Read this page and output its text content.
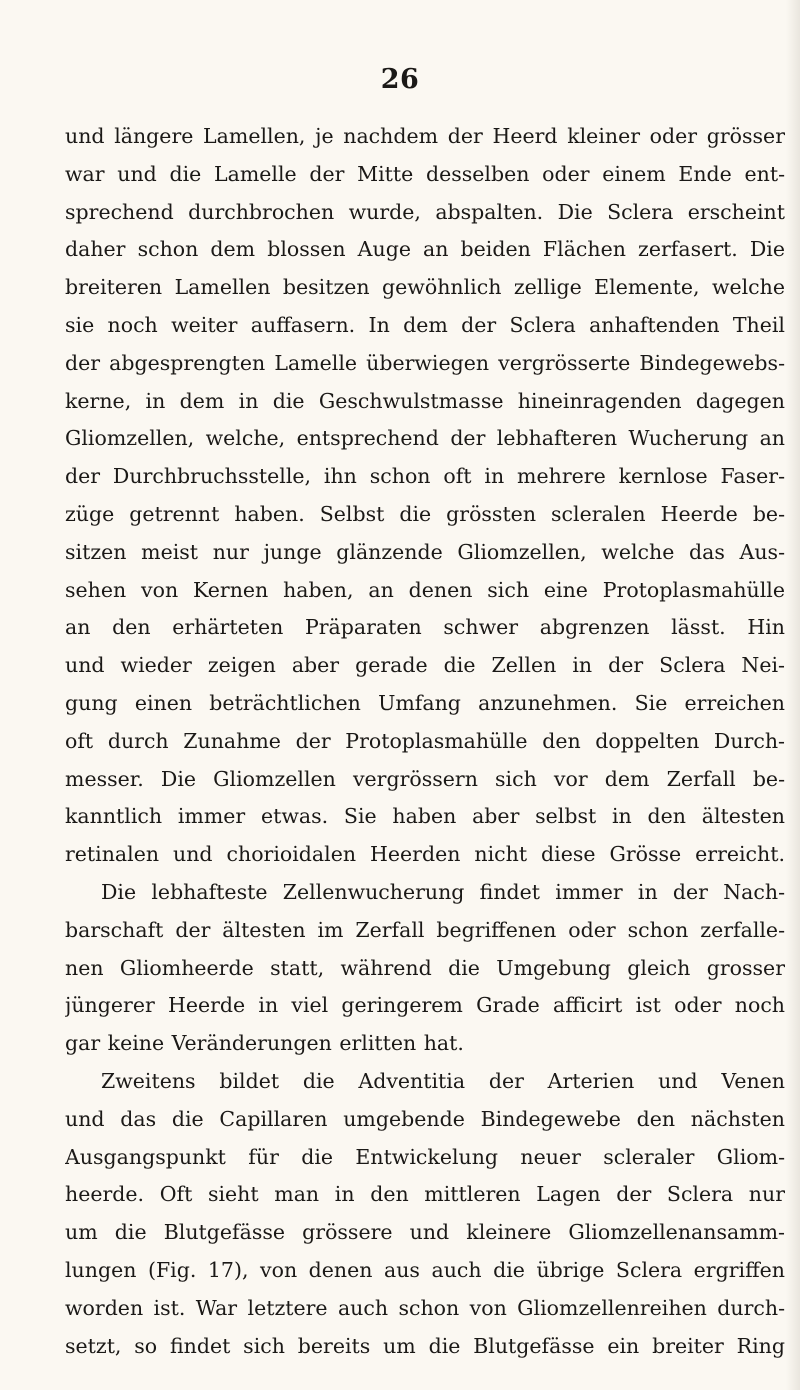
26
und längere Lamellen, je nachdem der Heerd kleiner oder grösser
war und die Lamelle der Mitte desselben oder einem Ende ent-
sprechend durchbrochen wurde, abspalten. Die Sclera erscheint
daher schon dem blossen Auge an beiden Flächen zerfasert. Die
breiteren Lamellen besitzen gewöhnlich zellige Elemente, welche
sie noch weiter auffasern. In dem der Sclera anhaftenden Theil
der abgesprengten Lamelle überwiegen vergrösserte Bindegewebs-
kerne, in dem in die Geschwulstmasse hineinragenden dagegen
Gliomzellen, welche, entsprechend der lebhafteren Wucherung an
der Durchbruchsstelle, ihn schon oft in mehrere kernlose Faser-
züge getrennt haben. Selbst die grössten scleralen Heerde be-
sitzen meist nur junge glänzende Gliomzellen, welche das Aus-
sehen von Kernen haben, an denen sich eine Protoplasmahülle
an den erhärteten Präparaten schwer abgrenzen lässt. Hin
und wieder zeigen aber gerade die Zellen in der Sclera Nei-
gung einen beträchtlichen Umfang anzunehmen. Sie erreichen
oft durch Zunahme der Protoplasmahülle den doppelten Durch-
messer. Die Gliomzellen vergrössern sich vor dem Zerfall be-
kanntlich immer etwas. Sie haben aber selbst in den ältesten
retinalen und chorioidalen Heerden nicht diese Grösse erreicht.
Die lebhafteste Zellenwucherung findet immer in der Nach-
barschaft der ältesten im Zerfall begriffenen oder schon zerfalle-
nen Gliomheerde statt, während die Umgebung gleich grosser
jüngerer Heerde in viel geringerem Grade afficirt ist oder noch
gar keine Veränderungen erlitten hat.
Zweitens bildet die Adventitia der Arterien und Venen
und das die Capillaren umgebende Bindegewebe den nächsten
Ausgangspunkt für die Entwickelung neuer scleraler Gliom-
heerde. Oft sieht man in den mittleren Lagen der Sclera nur
um die Blutgefässe grössere und kleinere Gliomzellenansamm-
lungen (Fig. 17), von denen aus auch die übrige Sclera ergriffen
worden ist. War letztere auch schon von Gliomzellenreihen durch-
setzt, so findet sich bereits um die Blutgefässe ein breiter Ring
